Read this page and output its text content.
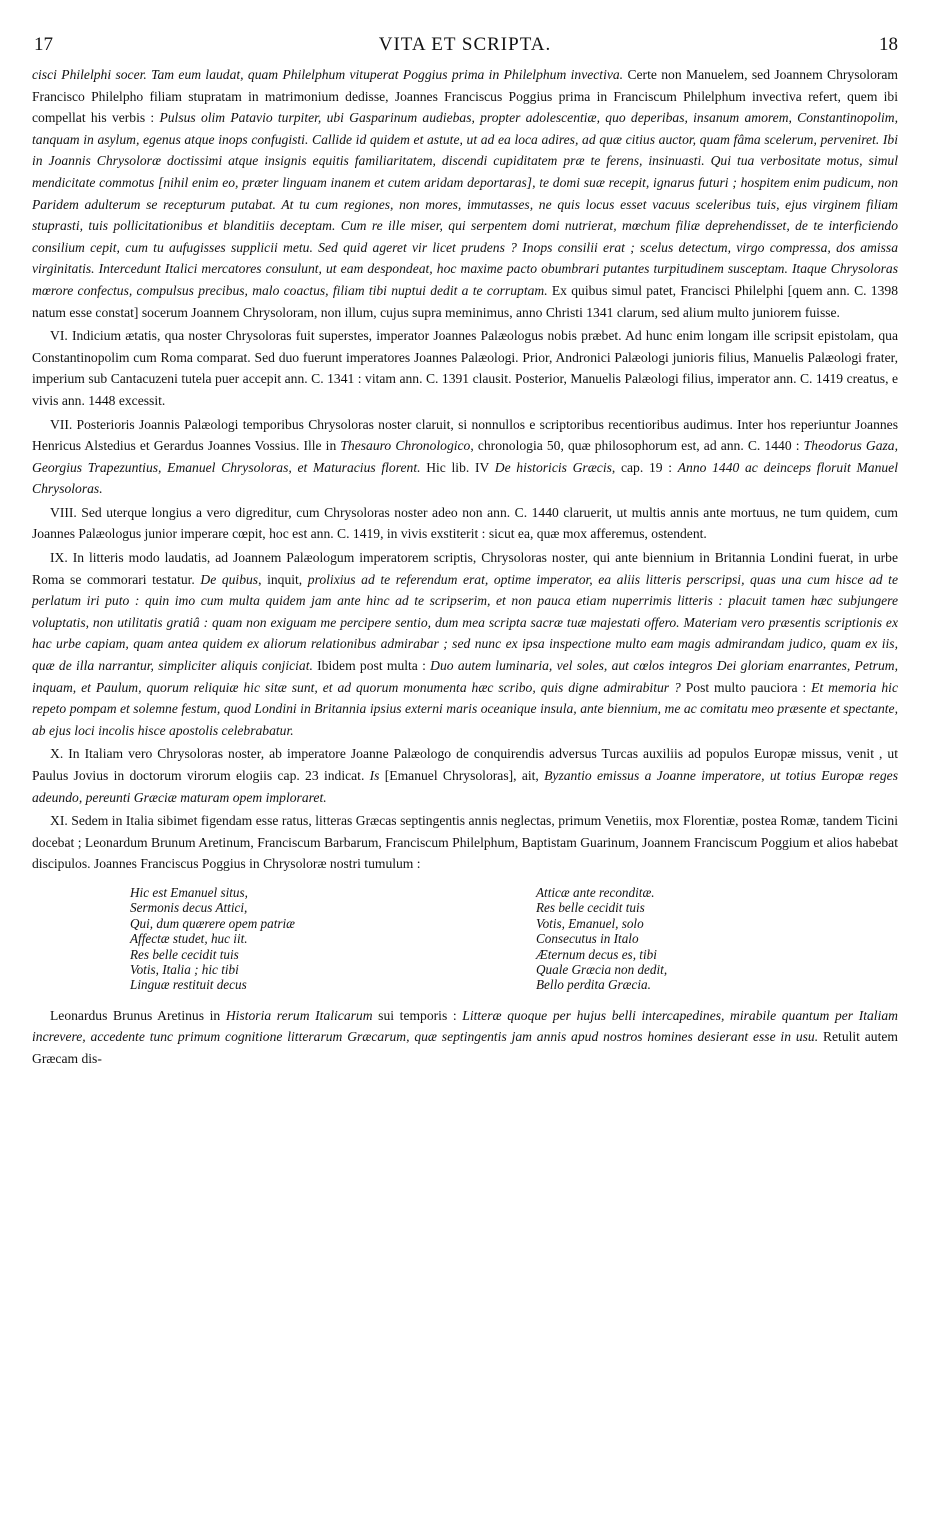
17	VITA ET SCRIPTA.	18

cisci Philelphi socer. Tam eum laudat, quam Philelphum vituperat Poggius prima in Philelphum invectiva. Certe non Manuelem, sed Joannem Chrysoloram Francisco Philelpho filiam stupratam in matrimonium dedisse, Joannes Franciscus Poggius prima in Franciscum Philelphum invectiva refert, quem ibi compellat his verbis : Pulsus olim Patavio turpiter, ubi Gasparinum audiebas, propter adolescentiæ, quo deperibas, insanum amorem, Constantinopolim, tanquam in asylum, egenus atque inops confugisti. Callide id quidem et astute, ut ad ea loca adires, ad quæ citius auctor, quam fâma scelerum, perveniret. Ibi in Joannis Chrysoloræ doctissimi atque insignis equitis familiaritatem, discendi cupiditatem præ te ferens, insinuasti. Qui tua verbositate motus, simul mendicitate commotus [nihil enim eo, præter linguam inanem et cutem aridam deportaras], te domi suæ recepit, ignarus futuri ; hospitem enim pudicum, non Paridem adulterum se recepturum putabat. At tu cum regiones, non mores, immutasses, ne quis locus esset vacuus sceleribus tuis, ejus virginem filiam stuprasti, tuis pollicitationibus et blanditiis deceptam. Cum re ille miser, qui serpentem domi nutrierat, mœchum filiæ deprehendisset, de te interficiendo consilium cepit, cum tu aufugisses supplicii metu. Sed quid ageret vir licet prudens ? Inops consilii erat ; scelus detectum, virgo compressa, dos amissa virginitatis. Intercedunt Italici mercatores consulunt, ut eam despondeat, hoc maxime pacto obumbrari putantes turpitudinem susceptam. Itaque Chrysoloras mœrore confectus, compulsus precibus, malo coactus, filiam tibi nuptui dedit a te corruptam. Ex quibus simul patet, Francisci Philelphi [quem ann. C. 1398 natum esse constat] socerum Joannem Chrysoloram, non illum, cujus supra meminimus, anno Christi 1341 clarum, sed alium multo juniorem fuisse.

VI. Indicium ætatis, qua noster Chrysoloras fuit superstes, imperator Joannes Palæologus nobis præbet. Ad hunc enim longam ille scripsit epistolam, qua Constantinopolim cum Roma comparat. Sed duo fuerunt imperatores Joannes Palæologi. Prior, Andronici Palæologi junioris filius, Manuelis Palæologi frater, imperium sub Cantacuzeni tutela puer accepit ann. C. 1341 : vitam ann. C. 1391 clausit. Posterior, Manuelis Palæologi filius, imperator ann. C. 1419 creatus, e vivis ann. 1448 excessit.

VII. Posterioris Joannis Palæologi temporibus Chrysoloras noster claruit, si nonnullos e scriptoribus recentioribus audimus. Inter hos reperiuntur Joannes Henricus Alstedius et Gerardus Joannes Vossius. Ille in Thesauro Chronologico, chronologia 50, quæ philosophorum est, ad ann. C. 1440 : Theodorus Gaza, Georgius Trapezuntius, Emanuel Chrysoloras, et Maturacius florent. Hic lib. IV De historicis Græcis, cap. 19 : Anno 1440 ac deinceps floruit Manuel Chrysoloras.

VIII. Sed uterque longius a vero digreditur, cum Chrysoloras noster adeo non ann. C. 1440 claruerit, ut multis annis ante mortuus, ne tum quidem, cum Joannes Palæologus junior imperare cœpit, hoc est ann. C. 1419, in vivis exstiterit : sicut ea, quæ mox afferemus, ostendent.

IX. In litteris modo laudatis, ad Joannem Palæologum imperatorem scriptis, Chrysoloras noster, qui ante biennium in Britannia Londini fuerat, in urbe Roma se commorari testatur. De quibus, inquit, prolixius ad te referendum erat, optime imperator, ea aliis litteris perscripsi, quas una cum hisce ad te perlatum iri puto : quin imo cum multa quidem jam ante hinc ad te scripserim, et non pauca etiam nuperrimis litteris : placuit tamen hæc subjungere voluptatis, non utilitatis gratiâ : quam non exiguam me percipere sentio, dum mea scripta sacræ tuæ majestati offero. Materiam vero præsentis scriptionis ex hac urbe capiam, quam antea quidem ex aliorum relationibus admirabar ; sed nunc ex ipsa inspectione multo eam magis admirandam judico, quam ex iis, quæ de illa narrantur, simpliciter aliquis conjiciat. Ibidem post multa : Duo autem luminaria, vel soles, aut cœlos integros Dei gloriam enarrantes, Petrum, inquam, et Paulum, quorum reliquiæ hic sitæ sunt, et ad quorum monumenta hæc scribo, quis digne admirabitur ? Post multo pauciora : Et memoria hic repeto pompam et solemne festum, quod Londini in Britannia ipsius externi maris oceanique insula, ante biennium, me ac comitatu meo præsente et spectante, ab ejus loci incolis hisce apostolis celebrabatur.

X. In Italiam vero Chrysoloras noster, ab imperatore Joanne Palæologo de conquirendis adversus Turcas auxiliis ad populos Europæ missus, venit , ut Paulus Jovius in doctorum virorum elogiis cap. 23 indicat. Is [Emanuel Chrysoloras], ait, Byzantio emissus a Joanne imperatore, ut totius Europæ reges adeundo, pereunti Græciæ maturam opem imploraret.

XI. Sedem in Italia sibimet figendam esse ratus, litteras Græcas septingentis annis neglectas, primum Venetiis, mox Florentiæ, postea Romæ, tandem Ticini docebat ; Leonardum Brunum Aretinum, Franciscum Barbarum, Franciscum Philelphum, Baptistam Guarinum, Joannem Franciscum Poggium et alios habebat discipulos. Joannes Franciscus Poggius in Chrysoloræ nostri tumulum :

Hic est Emanuel situs,
Sermonis decus Attici,
Qui, dum quærere opem patriæ
Affectæ studet, huc iit.
Res belle cecidit tuis
Votis, Italia ; hic tibi
Linguæ restituit decus
Atticæ ante reconditæ.
Res belle cecidit tuis
Votis, Emanuel, solo
Consecutus in Italo
Æternum decus es, tibi
Quale Græcia non dedit,
Bello perdita Græcia.

Leonardus Brunus Aretinus in Historia rerum Italicarum sui temporis : Litteræ quoque per hujus belli intercapedines, mirabile quantum per Italiam increvere, accedente tunc primum cognitione litterarum Græcarum, quæ septingentis jam annis apud nostros homines desierant esse in usu. Retulit autem Græcam dis-
